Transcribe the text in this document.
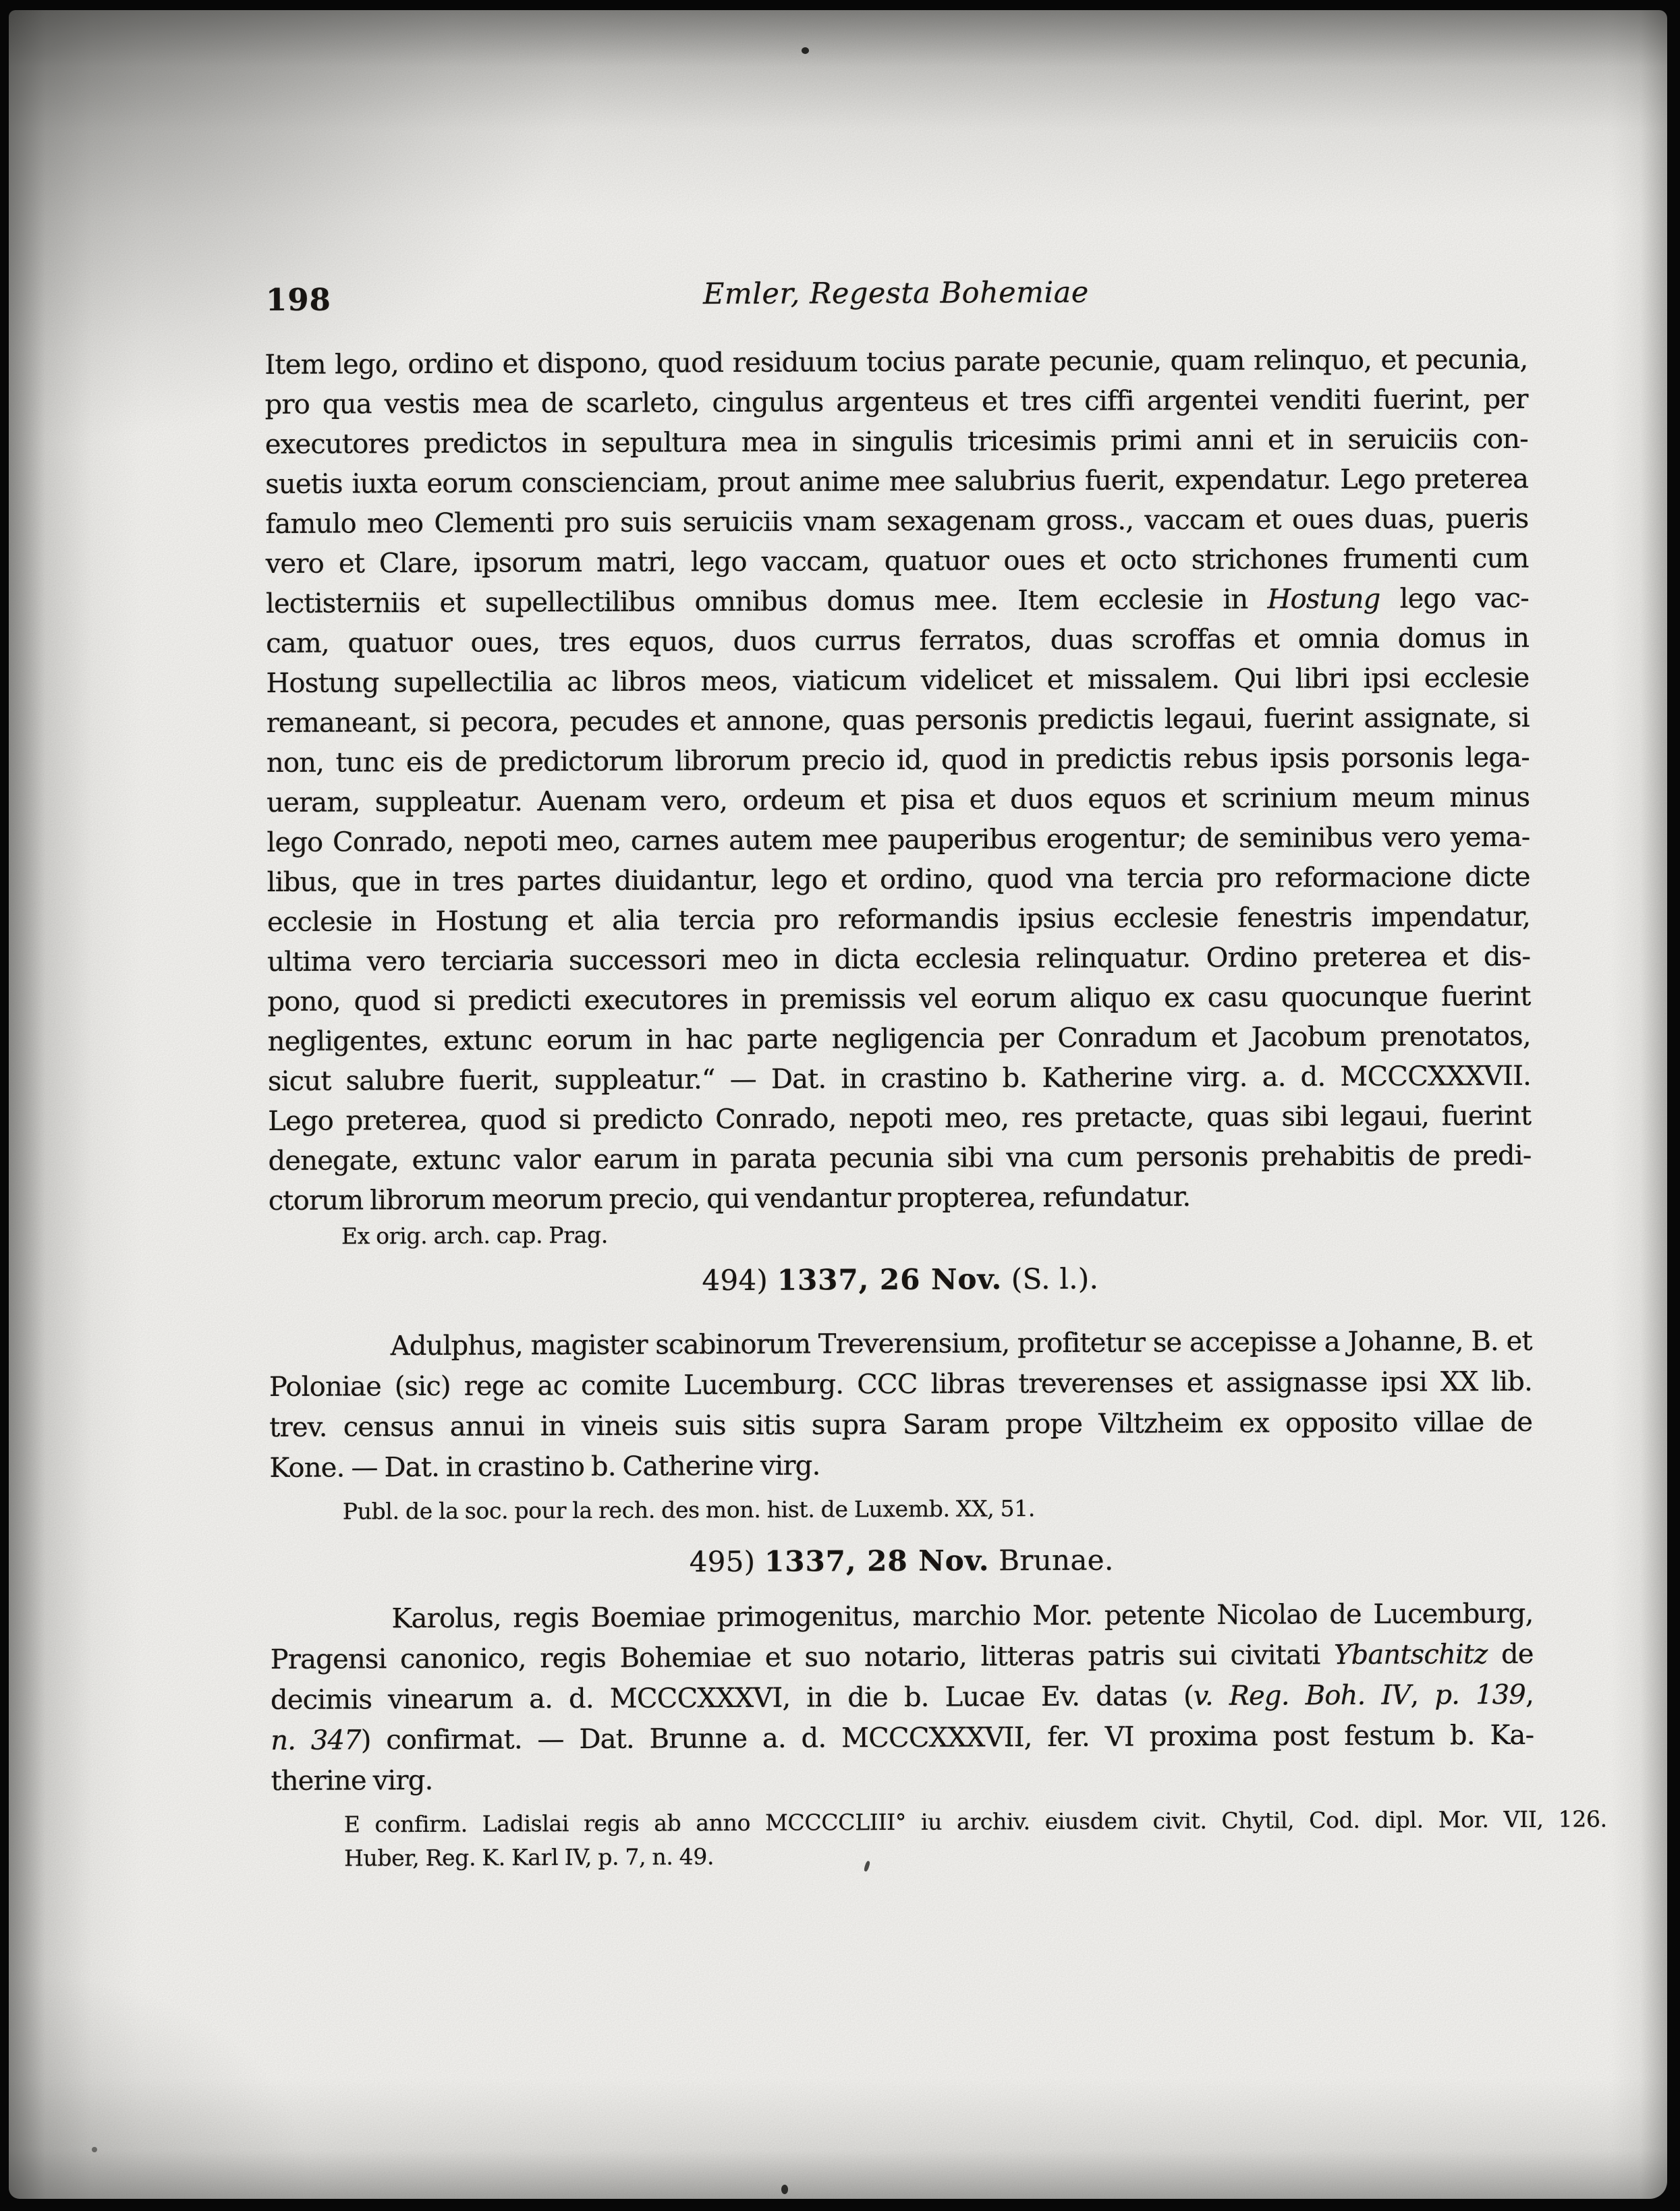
198	Emler, Regesta Bohemiae
Item lego, ordino et dispono, quod residuum tocius parate pecunie, quam relinquo, et pecunia,
pro qua vestis mea de scarleto, cingulus argenteus et tres ciffi argentei venditi fuerint, per
executores predictos in sepultura mea in singulis tricesimis primi anni et in seruiciis con-
suetis iuxta eorum conscienciam, prout anime mee salubrius fuerit, expendatur. Lego preterea
famulo meo Clementi pro suis seruiciis vnam sexagenam gross., vaccam et oues duas, pueris
vero et Clare, ipsorum matri, lego vaccam, quatuor oues et octo strichones frumenti cum
lectisterniis et supellectilibus omnibus domus mee. Item ecclesie in Hostung lego vac-
cam, quatuor oues, tres equos, duos currus ferratos, duas scroffas et omnia domus in
Hostung supellectilia ac libros meos, viaticum videlicet et missalem. Qui libri ipsi ecclesie
remaneant, si pecora, pecudes et annone, quas personis predictis legaui, fuerint assignate, si
non, tunc eis de predictorum librorum precio id, quod in predictis rebus ipsis porsonis lega-
ueram, suppleatur. Auenam vero, ordeum et pisa et duos equos et scrinium meum minus
lego Conrado, nepoti meo, carnes autem mee pauperibus erogentur; de seminibus vero yema-
libus, que in tres partes diuidantur, lego et ordino, quod vna tercia pro reformacione dicte
ecclesie in Hostung et alia tercia pro reformandis ipsius ecclesie fenestris impendatur,
ultima vero terciaria successori meo in dicta ecclesia relinquatur. Ordino preterea et dis-
pono, quod si predicti executores in premissis vel eorum aliquo ex casu quocunque fuerint
negligentes, extunc eorum in hac parte negligencia per Conradum et Jacobum prenotatos,
sicut salubre fuerit, suppleatur.“ — Dat. in crastino b. Katherine virg. a. d. MCCCXXXVII.
Lego preterea, quod si predicto Conrado, nepoti meo, res pretacte, quas sibi legaui, fuerint
denegate, extunc valor earum in parata pecunia sibi vna cum personis prehabitis de predi-
ctorum librorum meorum precio, qui vendantur propterea, refundatur.
Ex orig. arch. cap. Prag.
494) 1337, 26 Nov. (S. l.).
Adulphus, magister scabinorum Treverensium, profitetur se accepisse a Johanne, B. et
Poloniae (sic) rege ac comite Lucemburg. CCC libras treverenses et assignasse ipsi XX lib.
trev. census annui in vineis suis sitis supra Saram prope Viltzheim ex opposito villae de
Kone. — Dat. in crastino b. Catherine virg.
Publ. de la soc. pour la rech. des mon. hist. de Luxemb. XX, 51.
495) 1337, 28 Nov. Brunae.
Karolus, regis Boemiae primogenitus, marchio Mor. petente Nicolao de Lucemburg,
Pragensi canonico, regis Bohemiae et suo notario, litteras patris sui civitati Ybantschitz de
decimis vinearum a. d. MCCCXXXVI, in die b. Lucae Ev. datas (v. Reg. Boh. IV, p. 139,
n. 347) confirmat. — Dat. Brunne a. d. MCCCXXXVII, fer. VI proxima post festum b. Ka-
therine virg.
E confirm. Ladislai regis ab anno MCCCCLIII° iu archiv. eiusdem civit. Chytil, Cod. dipl. Mor. VII, 126.
Huber, Reg. K. Karl IV, p. 7, n. 49.
